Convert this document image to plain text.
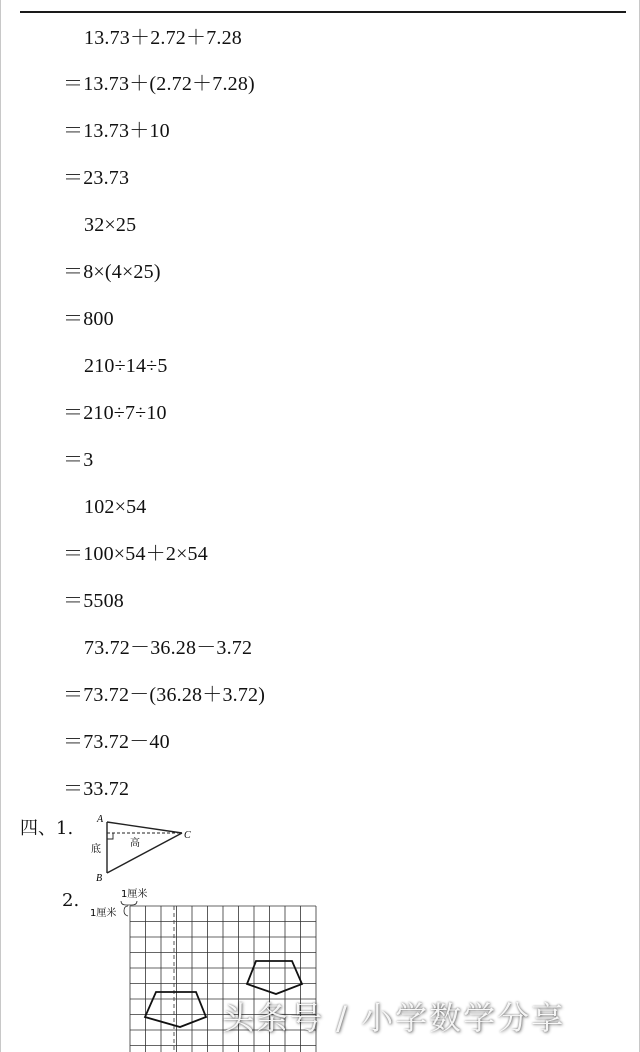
13.73＋2.72＋7.28
＝13.73＋(2.72＋7.28)
＝13.73＋10
＝23.73
32×25
＝8×(4×25)
＝800
210÷14÷5
＝210÷7÷10
＝3
102×54
＝100×54＋2×54
＝5508
73.72－36.28－3.72
＝73.72－(36.28＋3.72)
＝73.72－40
＝33.72
四、1. A
B
C
底
高
2.	1厘米
1厘米
头条号 / 小学数学分享
